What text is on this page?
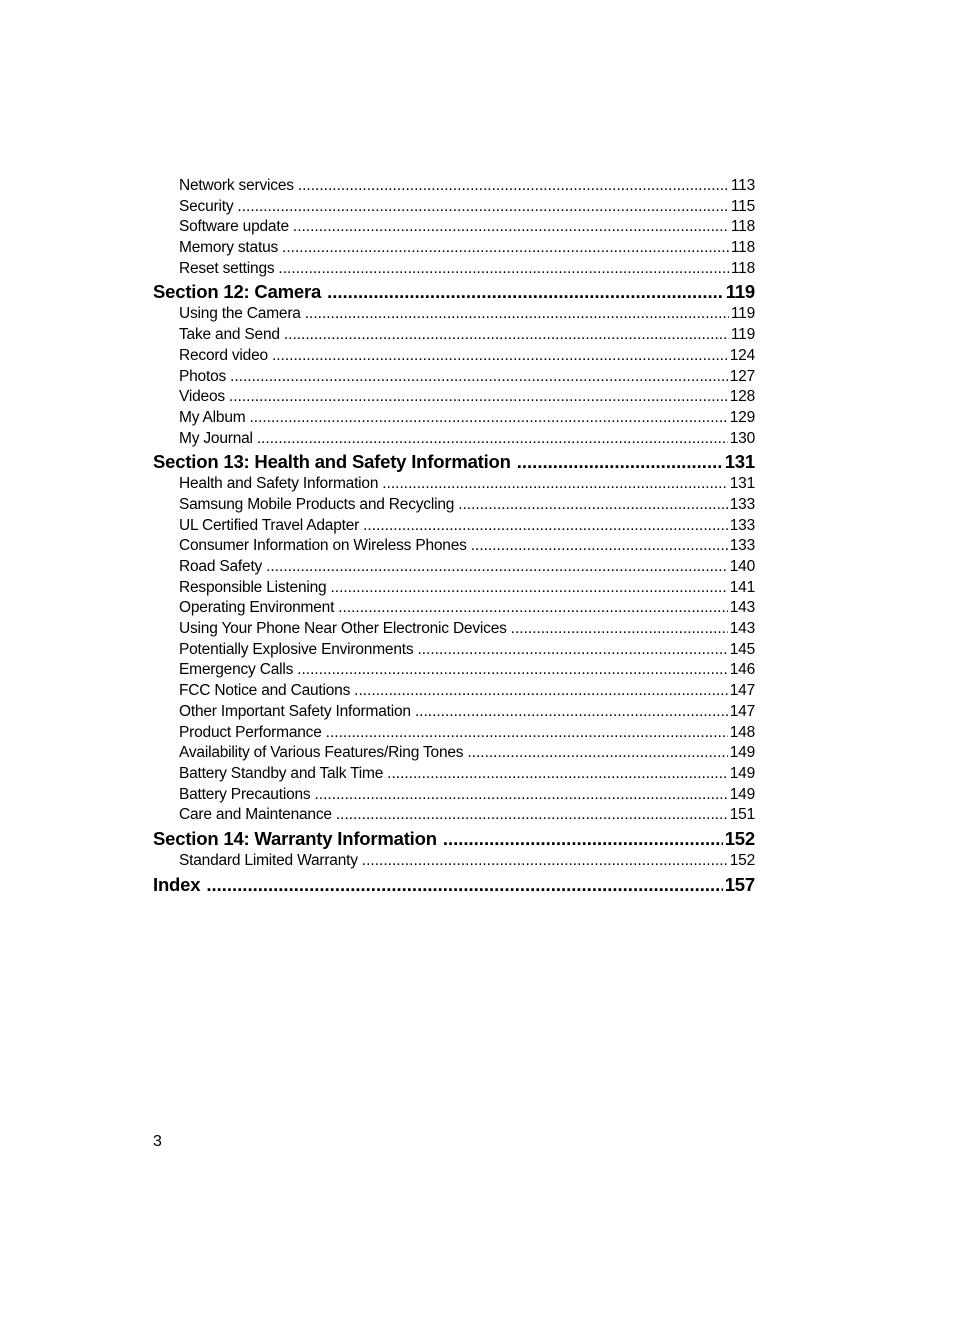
Network services .....	113
Security .....	115
Software update .....	118
Memory status .....	118
Reset settings .....	118
Section 12: Camera .....	119
Using the Camera .....	119
Take and Send .....	119
Record video .....	124
Photos .....	127
Videos .....	128
My Album .....	129
My Journal .....	130
Section 13: Health and Safety Information .....	131
Health and Safety Information .....	131
Samsung Mobile Products and Recycling .....	133
UL Certified Travel Adapter .....	133
Consumer Information on Wireless Phones .....	133
Road Safety .....	140
Responsible Listening .....	141
Operating Environment .....	143
Using Your Phone Near Other Electronic Devices .....	143
Potentially Explosive Environments .....	145
Emergency Calls .....	146
FCC Notice and Cautions .....	147
Other Important Safety Information .....	147
Product Performance .....	148
Availability of Various Features/Ring Tones .....	149
Battery Standby and Talk Time .....	149
Battery Precautions .....	149
Care and Maintenance .....	151
Section 14: Warranty Information .....	152
Standard Limited Warranty .....	152
Index .....	157
3
